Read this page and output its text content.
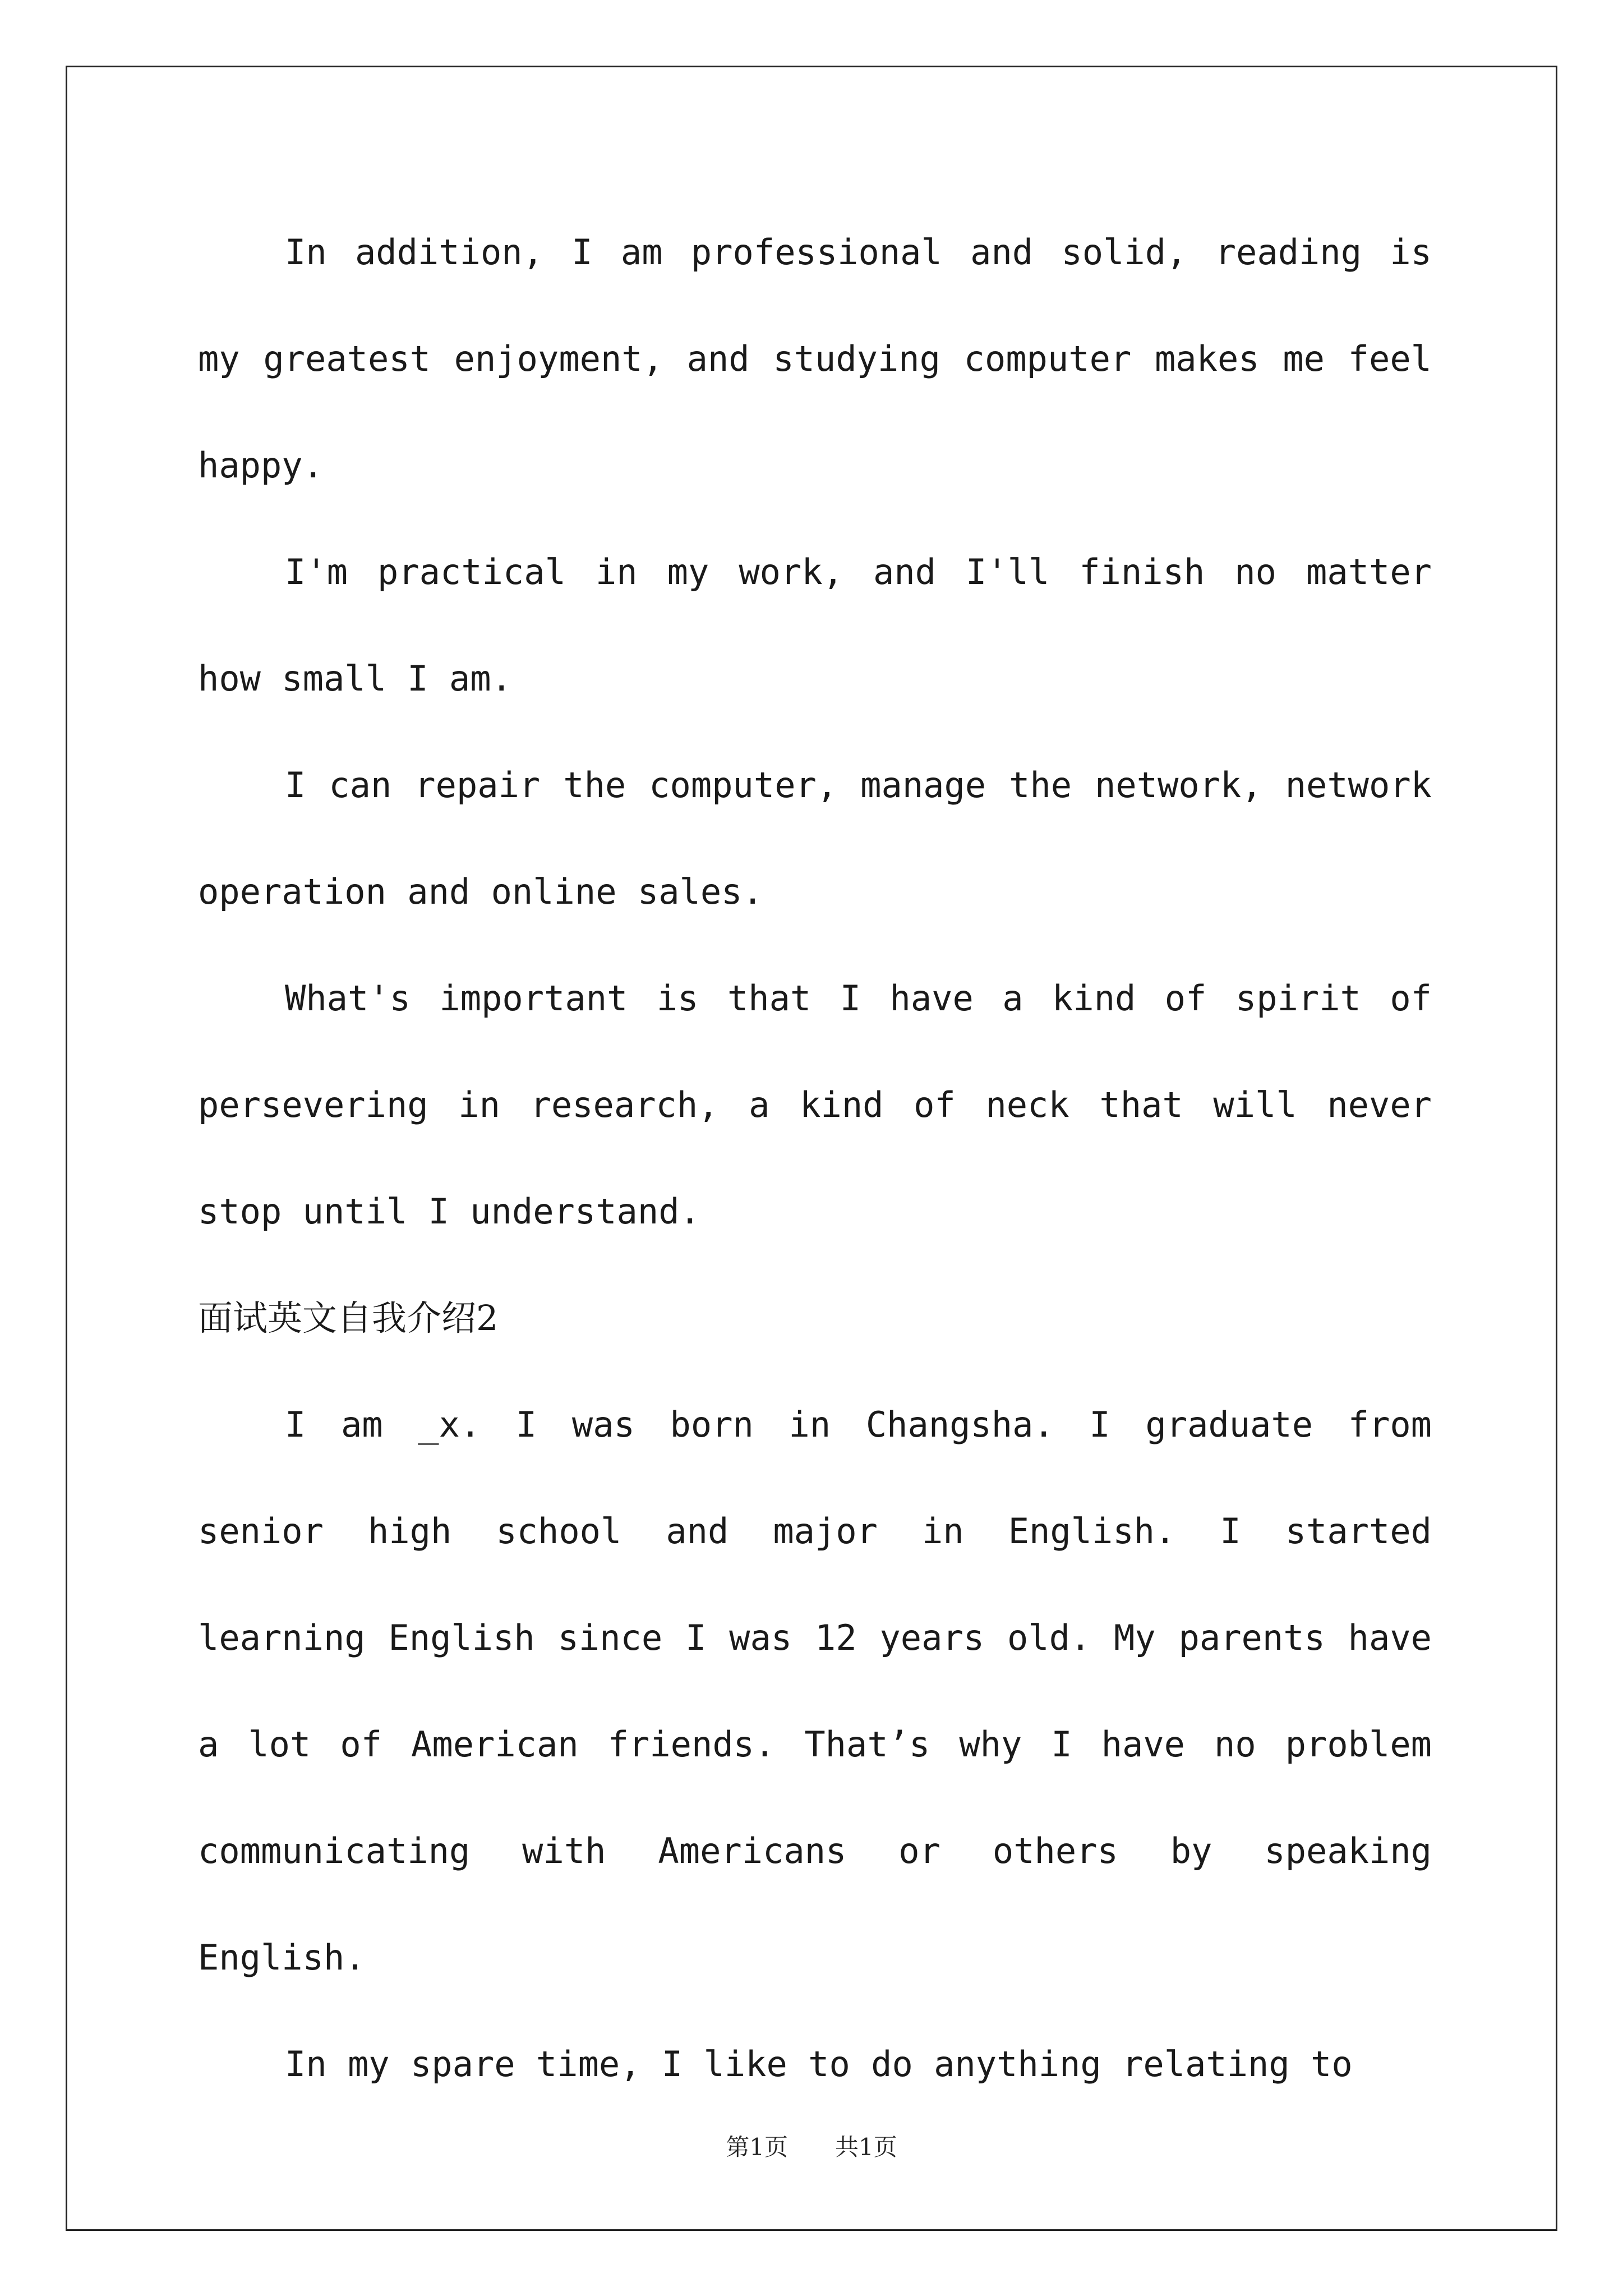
In addition, I am professional and solid, reading is my greatest enjoyment, and studying computer makes me feel happy.

I'm practical in my work, and I'll finish no matter how small I am.

I can repair the computer, manage the network, network operation and online sales.

What's important is that I have a kind of spirit of persevering in research, a kind of neck that will never stop until I understand.

面试英文自我介绍2

I am _x. I was born in Changsha. I graduate from senior high school and major in English. I started learning English since I was 12 years old. My parents have a lot of American friends. That’s why I have no problem communicating with Americans or others by speaking English.

In my spare time, I like to do anything relating to

第1页 共1页
